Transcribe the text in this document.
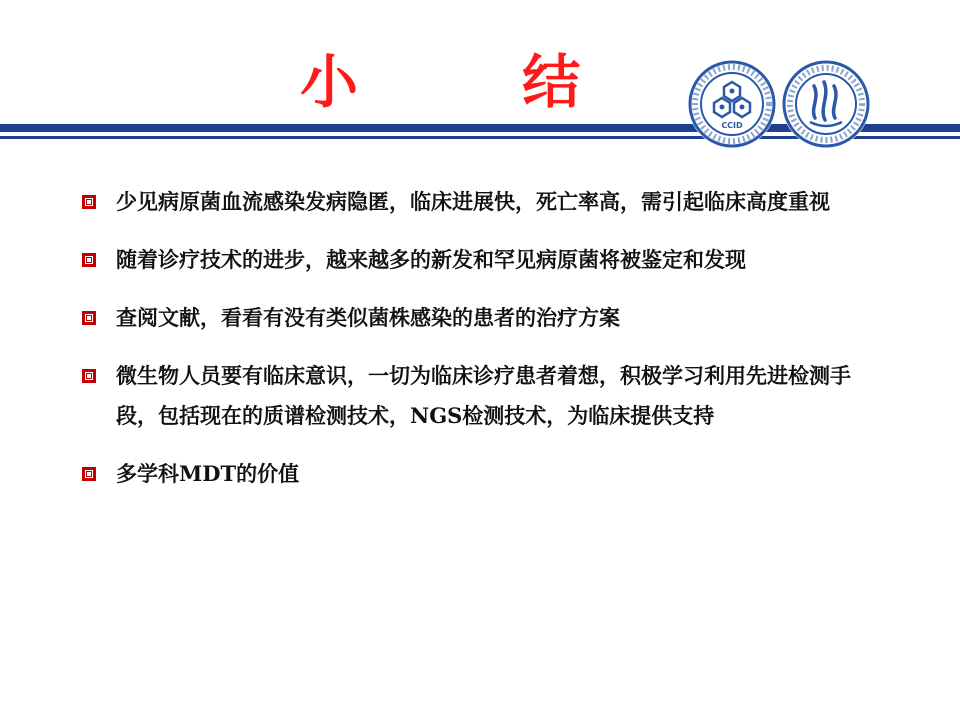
小 结
CCID
少见病原菌血流感染发病隐匿，临床进展快，死亡率高，需引起临床高度重视
随着诊疗技术的进步，越来越多的新发和罕见病原菌将被鉴定和发现
查阅文献，看看有没有类似菌株感染的患者的治疗方案
微生物人员要有临床意识，一切为临床诊疗患者着想，积极学习利用先进检测手段，包括现在的质谱检测技术，NGS检测技术，为临床提供支持
多学科MDT的价值
